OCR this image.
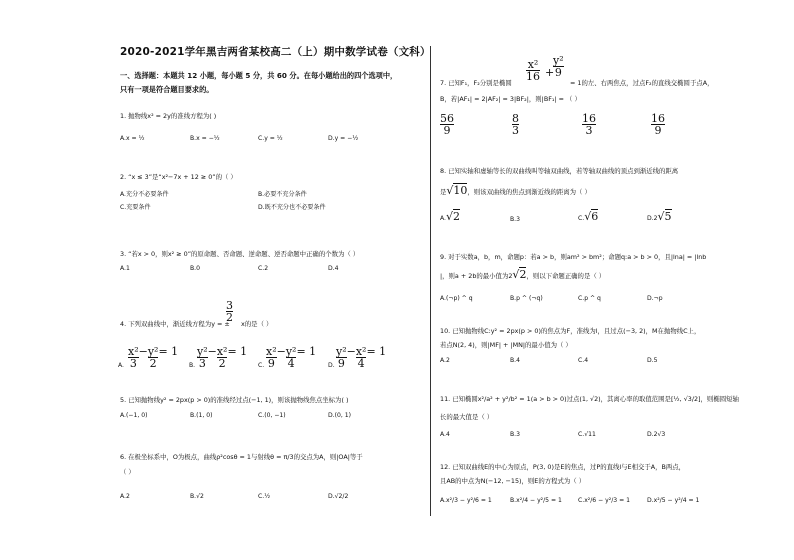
2020-2021学年黑吉两省某校高二（上）期中数学试卷（文科）
一、选择题：本题共 12 小题，每小题 5 分，共 60 分。在每小题给出的四个选项中，
只有一项是符合题目要求的。
1. 抛物线x² = 2y的准线方程为( )
A.x = ½	B.x = −½	C.y = ½	D.y = −½
2. “x ≤ 3”是“x²−7x + 12 ≥ 0”的（ ）
A.充分不必要条件	B.必要不充分条件
C.充要条件	D.既不充分也不必要条件
3. “若x > 0，则x² ≥ 0”的原命题、否命题、逆命题、逆否命题中正确的个数为（ ）
A.1	B.0	C.2	D.4
4. 下列双曲线中，渐近线方程为y = ±
3
2 x的是（ ）
A. $\frac{\text{x²}}{3} - \frac{\text{y²}}{2} = 1$
B. $\frac{\text{y²}}{3} - \frac{\text{x²}}{2} = 1$
C. $\frac{\text{x²}}{9} - \frac{\text{y²}}{4} = 1$
D. $\frac{\text{y²}}{9} - \frac{\text{x²}}{4} = 1$
5. 已知抛物线y² = 2px(p > 0)的准线经过点(−1, 1)，则该抛物线焦点坐标为( )
A.(−1, 0)	B.(1, 0)	C.(0, −1)	D.(0, 1)
6. 在极坐标系中，O为极点，曲线ρ²cosθ = 1与射线θ = π/3的交点为A，则|OA|等于
（ ）
A.2	B.√2	C.½	D.√2/2
7. 已知F₁，F₂分别是椭圆
x²
16 +
y²
9
= 1的左、右两焦点，过点F₂的直线交椭圆于点A，
B，若|AF₁| = 2|AF₂| = 3|BF₂|，则|BF₁| = （ ）
56
9
8
3
16
3
16
9
8. 已知实轴和虚轴等长的双曲线叫等轴双曲线，若等轴双曲线的顶点到渐近线的距离
是√10，则该双曲线的焦点到渐近线的距离为（ ）
A.√2	B.3	C.√6	D.2√5
9. 对于实数a，b，m，命题p：若a > b，则am² > bm²；命题q:a > b > 0，且|lna| = |lnb
|，则a + 2b的最小值为2√2，则以下命题正确的是（ ）
A.(¬p) ^ q	B.p ^ (¬q)	C.p ^ q	D.¬p
10. 已知抛物线C:y² = 2px(p > 0)的焦点为F，准线为l，且过点(−3, 2)，M在抛物线C上，
若点N(2, 4)，则|MF| + |MN|的最小值为（ ）
A.2	B.4	C.4	D.5
11. 已知椭圆x²/a² + y²/b² = 1(a > b > 0)过点(1, √2)，其离心率的取值范围是[½, √3/2]，则椭圆短轴
长的最大值是（ ）
A.4	B.3	C.√11	D.2√3
12. 已知双曲线E的中心为原点，P(3, 0)是E的焦点，过P的直线l与E相交于A，B两点，
且AB的中点为N(−12, −15)，则E的方程式为（ ）
A.x²/3 − y²/6 = 1	B.x²/4 − y²/5 = 1	C.x²/6 − y²/3 = 1	D.x²/5 − y²/4 = 1
